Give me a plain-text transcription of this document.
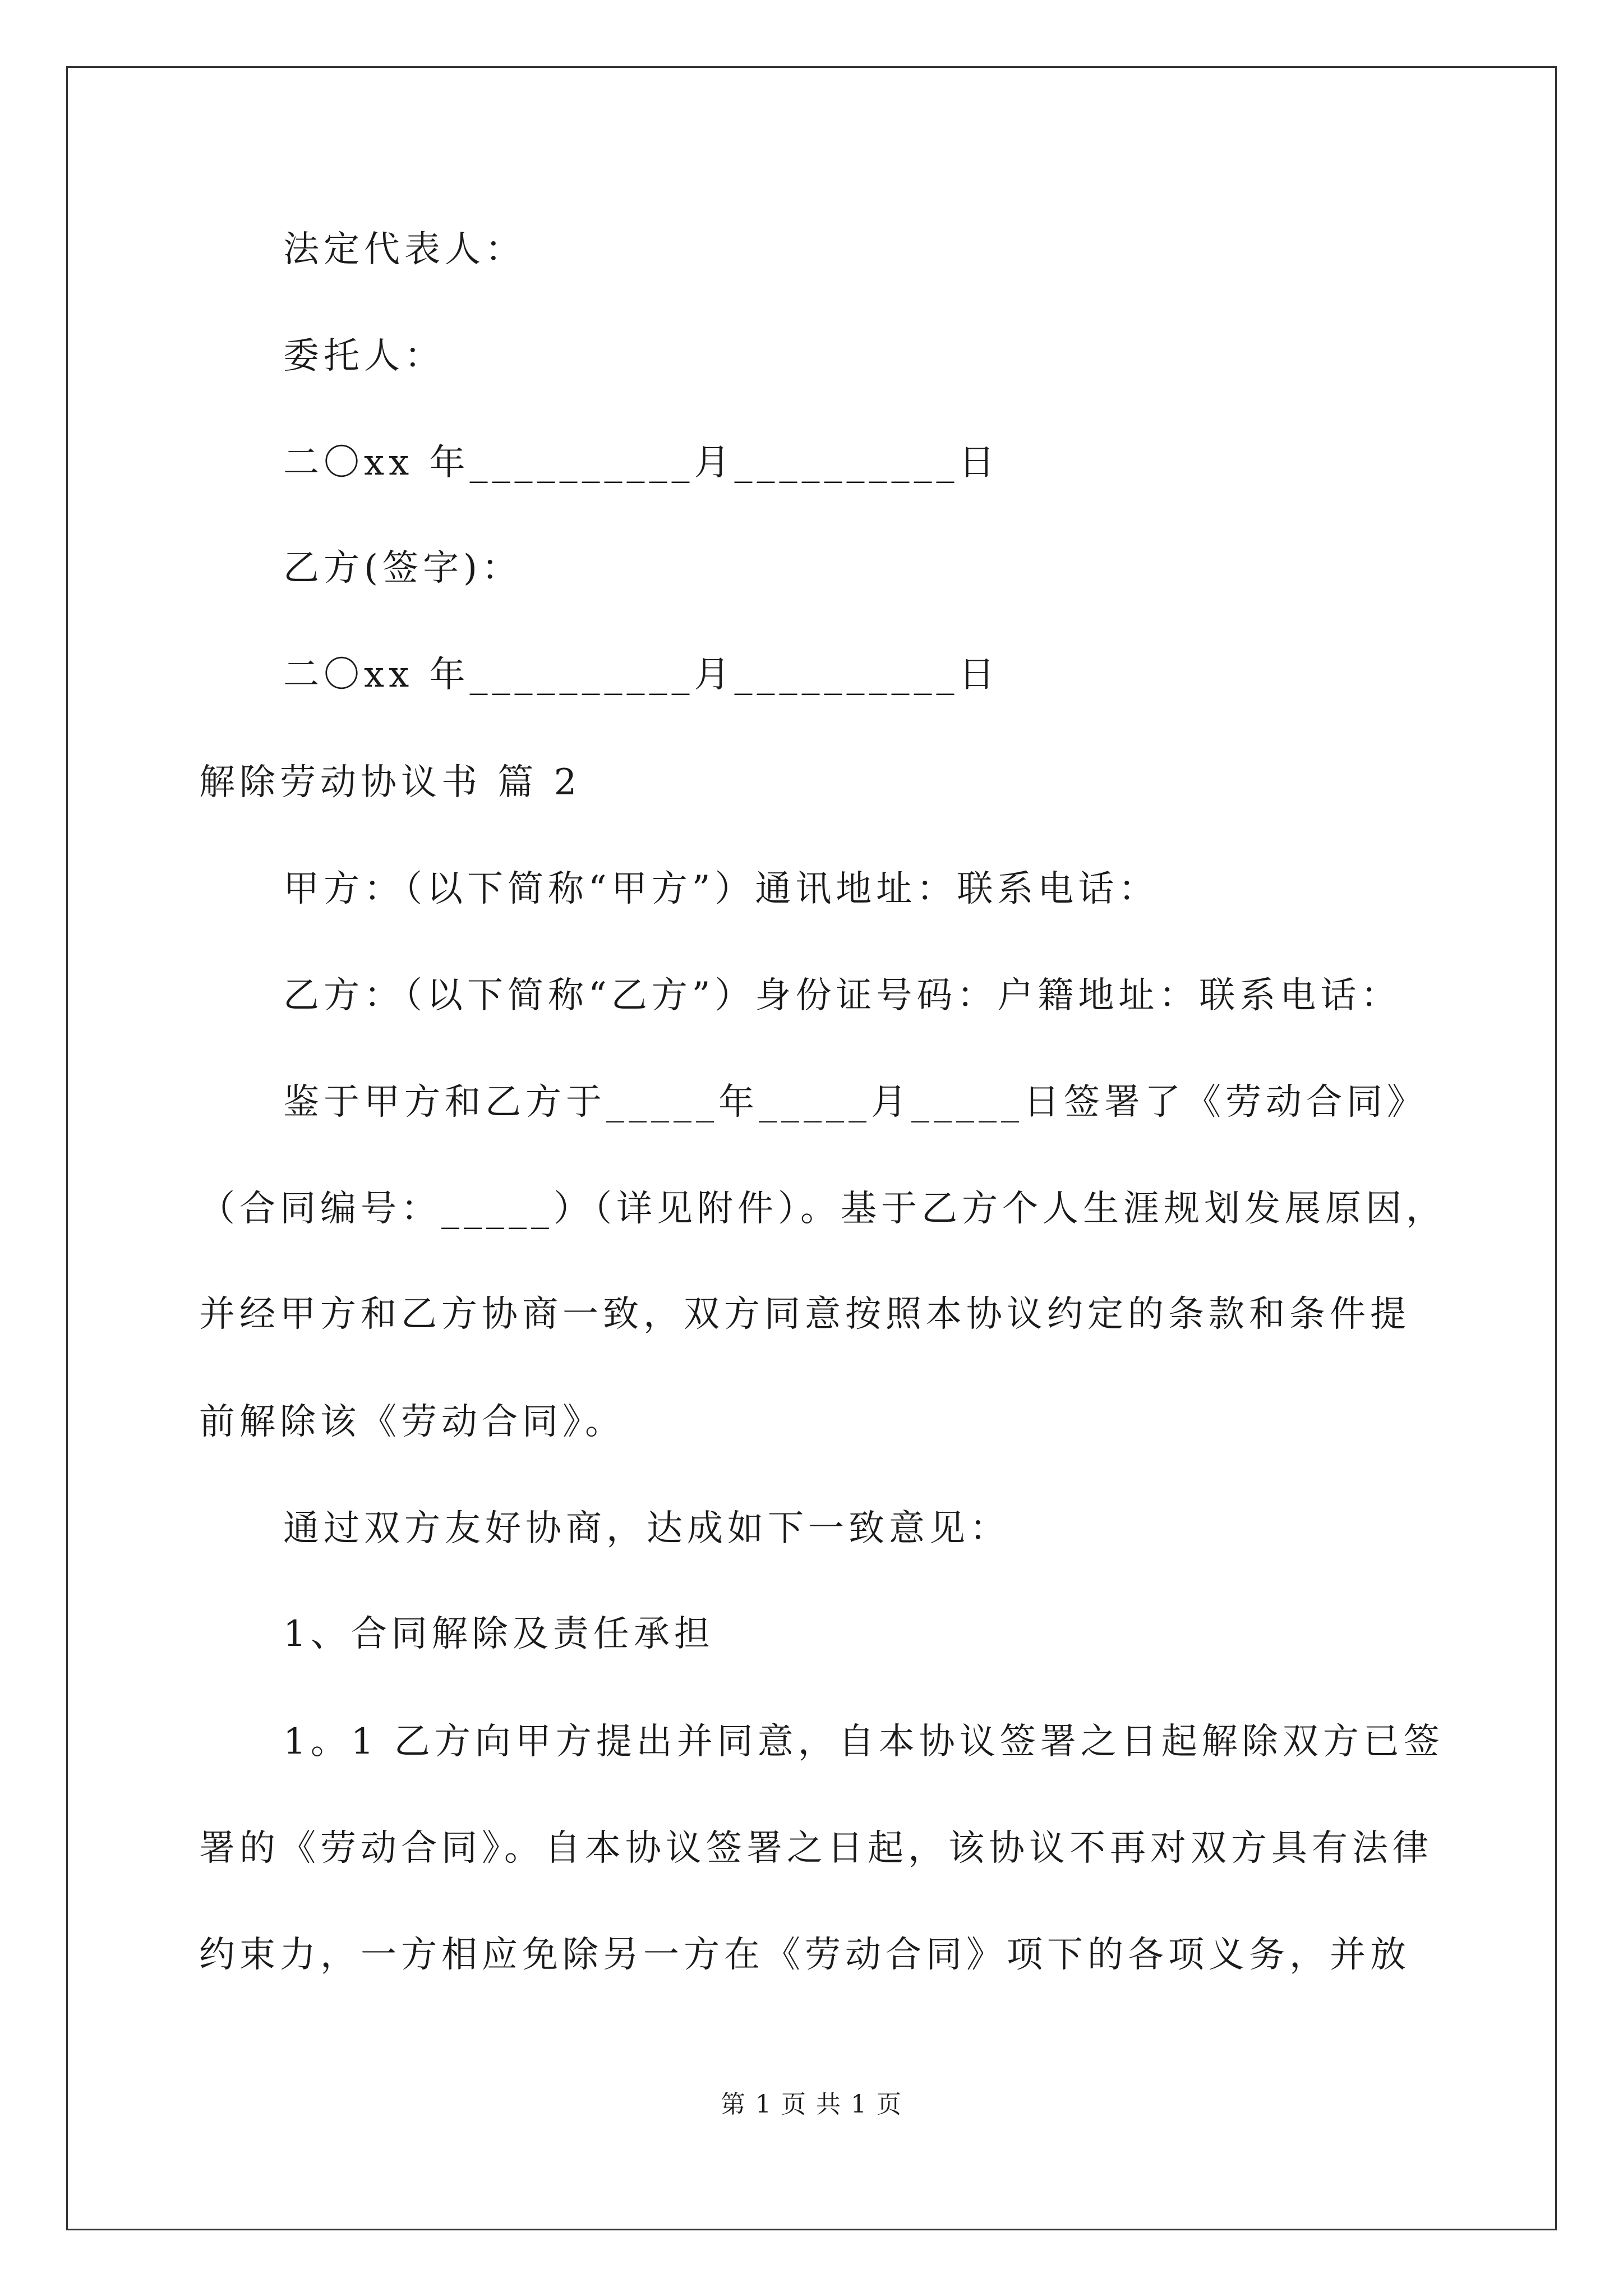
法定代表人：
委托人：
二〇xx 年__________月__________日
乙方(签字)：
二〇xx 年__________月__________日
解除劳动协议书 篇 2
甲方：（以下简称“甲方”）通讯地址：联系电话：
乙方：（以下简称“乙方”）身份证号码：户籍地址：联系电话：
鉴于甲方和乙方于_____年_____月_____日签署了《劳动合同》
（合同编号：_____）（详见附件）。基于乙方个人生涯规划发展原因，
并经甲方和乙方协商一致，双方同意按照本协议约定的条款和条件提
前解除该《劳动合同》。
通过双方友好协商，达成如下一致意见：
1、合同解除及责任承担
1。1 乙方向甲方提出并同意，自本协议签署之日起解除双方已签
署的《劳动合同》。自本协议签署之日起，该协议不再对双方具有法律
约束力，一方相应免除另一方在《劳动合同》项下的各项义务，并放
第 1 页 共 1 页
